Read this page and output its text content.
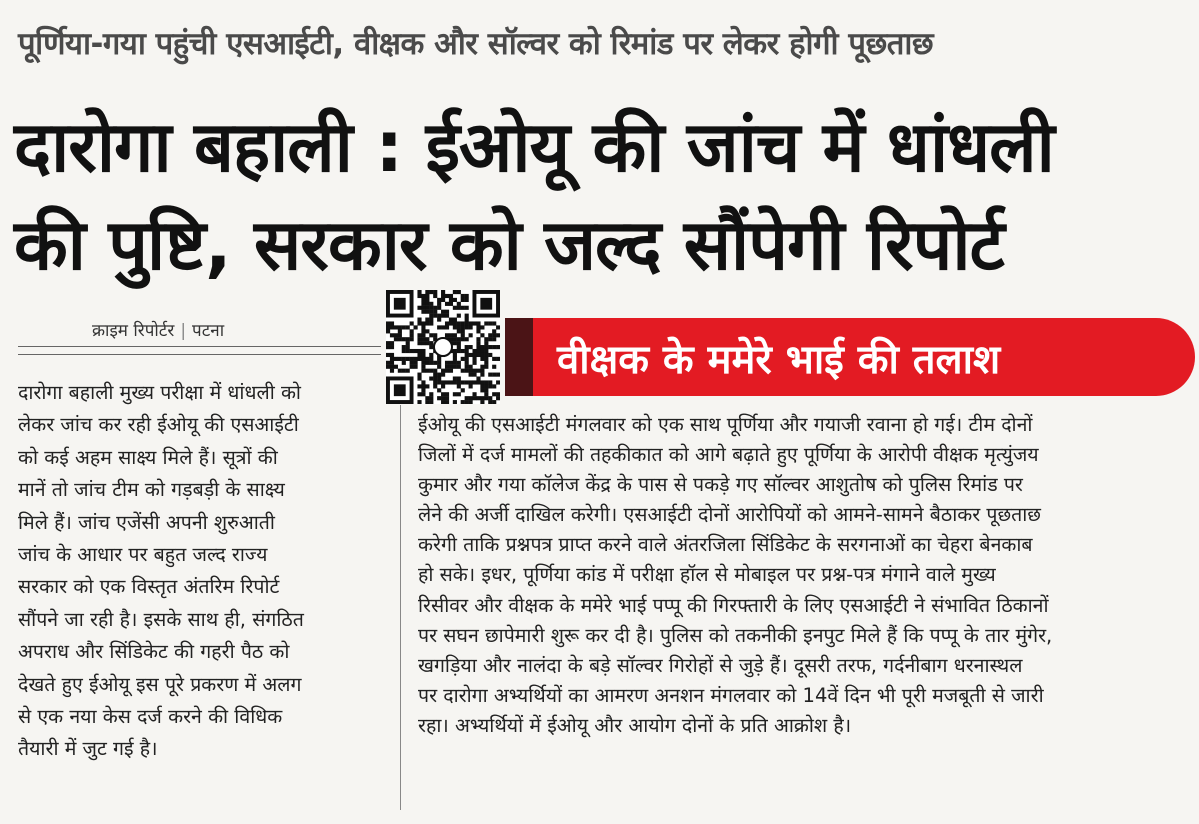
पूर्णिया-गया पहुंची एसआईटी, वीक्षक और सॉल्वर को रिमांड पर लेकर होगी पूछताछ
दारोगा बहाली : ईओयू की जांच में धांधली
की पुष्टि, सरकार को जल्द सौंपेगी रिपोर्ट
क्राइम रिपोर्टर | पटना
वीक्षक के ममेरे भाई की तलाश
दारोगा बहाली मुख्य परीक्षा में धांधली को
लेकर जांच कर रही ईओयू की एसआईटी
को कई अहम साक्ष्य मिले हैं। सूत्रों की
मानें तो जांच टीम को गड़बड़ी के साक्ष्य
मिले हैं। जांच एजेंसी अपनी शुरुआती
जांच के आधार पर बहुत जल्द राज्य
सरकार को एक विस्तृत अंतरिम रिपोर्ट
सौंपने जा रही है। इसके साथ ही, संगठित
अपराध और सिंडिकेट की गहरी पैठ को
देखते हुए ईओयू इस पूरे प्रकरण में अलग
से एक नया केस दर्ज करने की विधिक
तैयारी में जुट गई है।
ईओयू की एसआईटी मंगलवार को एक साथ पूर्णिया और गयाजी रवाना हो गई। टीम दोनों
जिलों में दर्ज मामलों की तहकीकात को आगे बढ़ाते हुए पूर्णिया के आरोपी वीक्षक मृत्युंजय
कुमार और गया कॉलेज केंद्र के पास से पकड़े गए सॉल्वर आशुतोष को पुलिस रिमांड पर
लेने की अर्जी दाखिल करेगी। एसआईटी दोनों आरोपियों को आमने-सामने बैठाकर पूछताछ
करेगी ताकि प्रश्नपत्र प्राप्त करने वाले अंतरजिला सिंडिकेट के सरगनाओं का चेहरा बेनकाब
हो सके। इधर, पूर्णिया कांड में परीक्षा हॉल से मोबाइल पर प्रश्न-पत्र मंगाने वाले मुख्य
रिसीवर और वीक्षक के ममेरे भाई पप्पू की गिरफ्तारी के लिए एसआईटी ने संभावित ठिकानों
पर सघन छापेमारी शुरू कर दी है। पुलिस को तकनीकी इनपुट मिले हैं कि पप्पू के तार मुंगेर,
खगड़िया और नालंदा के बड़े सॉल्वर गिरोहों से जुड़े हैं। दूसरी तरफ, गर्दनीबाग धरनास्थल
पर दारोगा अभ्यर्थियों का आमरण अनशन मंगलवार को 14वें दिन भी पूरी मजबूती से जारी
रहा। अभ्यर्थियों में ईओयू और आयोग दोनों के प्रति आक्रोश है।
